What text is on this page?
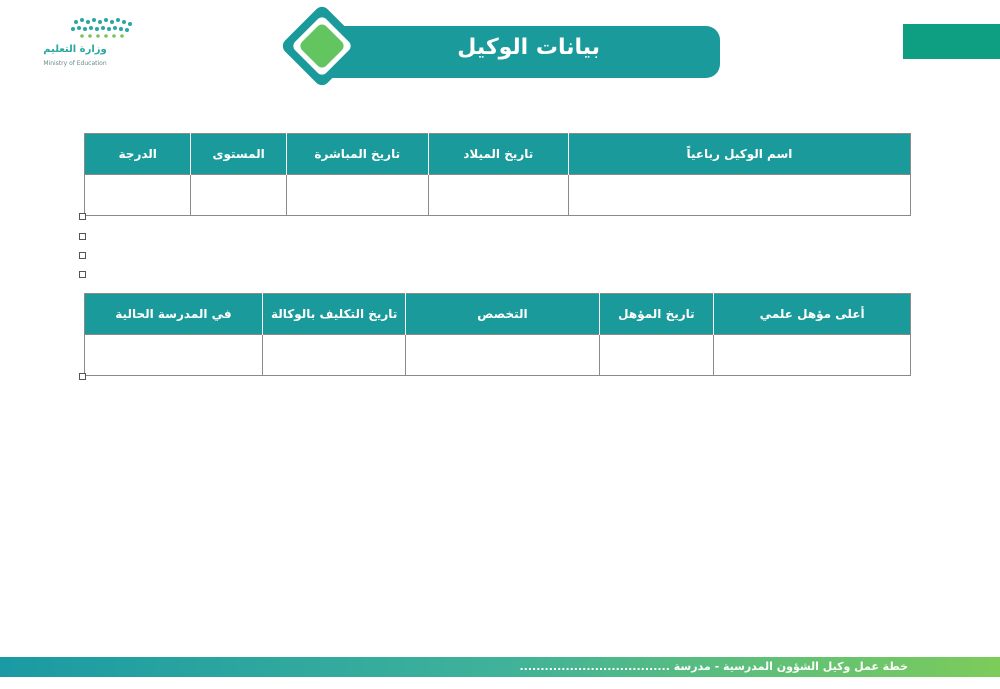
وزارة التعليم
Ministry of Education
بيانات الوكيل
اسم الوكيل رباعياً	تاريخ الميلاد	تاريخ المباشرة	المستوى	الدرجة

أعلى مؤهل علمي	تاريخ المؤهل	التخصص	تاريخ التكليف بالوكالة	في المدرسة الحالية

خطة عمل وكيل الشؤون المدرسية - مدرسة ....................................
